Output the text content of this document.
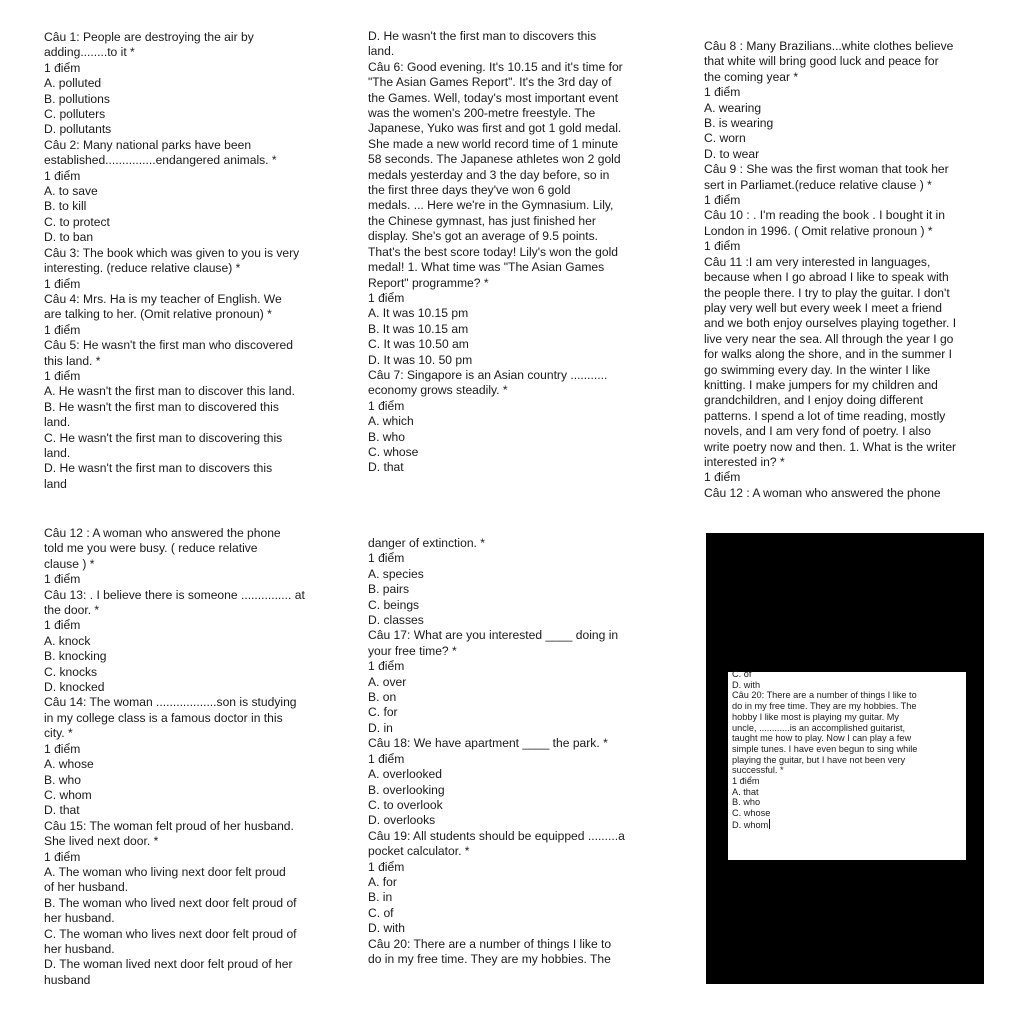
Câu 1: People are destroying the air by
adding........to it *
1 điểm
A. polluted
B. pollutions
C. polluters
D. pollutants
Câu 2: Many national parks have been
established...............endangered animals. *
1 điểm
A. to save
B. to kill
C. to protect
D. to ban
Câu 3: The book which was given to you is very
interesting. (reduce relative clause) *
1 điểm
Câu 4: Mrs. Ha is my teacher of English. We
are talking to her. (Omit relative pronoun) *
1 điểm
Câu 5: He wasn't the first man who discovered
this land. *
1 điểm
A. He wasn't the first man to discover this land.
B. He wasn't the first man to discovered this
land.
C. He wasn't the first man to discovering this
land.
D. He wasn't the first man to discovers this
land
D. He wasn't the first man to discovers this
land.
Câu 6: Good evening. It's 10.15 and it's time for
"The Asian Games Report". It's the 3rd day of
the Games. Well, today's most important event
was the women's 200-metre freestyle. The
Japanese, Yuko was first and got 1 gold medal.
She made a new world record time of 1 minute
58 seconds. The Japanese athletes won 2 gold
medals yesterday and 3 the day before, so in
the first three days they've won 6 gold
medals. ... Here we're in the Gymnasium. Lily,
the Chinese gymnast, has just finished her
display. She's got an average of 9.5 points.
That's the best score today! Lily's won the gold
medal! 1. What time was "The Asian Games
Report" programme? *
1 điểm
A. It was 10.15 pm
B. It was 10.15 am
C. It was 10.50 am
D. It was 10. 50 pm
Câu 7: Singapore is an Asian country ...........
economy grows steadily. *
1 điểm
A. which
B. who
C. whose
D. that
Câu 8 : Many Brazilians...white clothes believe
that white will bring good luck and peace for
the coming year *
1 điểm
A. wearing
B. is wearing
C. worn
D. to wear
Câu 9 : She was the first woman that took her
sert in Parliamet.(reduce relative clause ) *
1 điểm
Câu 10 : . I'm reading the book . I bought it in
London in 1996. ( Omit relative pronoun ) *
1 điểm
Câu 11 :I am very interested in languages,
because when I go abroad I like to speak with
the people there. I try to play the guitar. I don't
play very well but every week I meet a friend
and we both enjoy ourselves playing together. I
live very near the sea. All through the year I go
for walks along the shore, and in the summer I
go swimming every day. In the winter I like
knitting. I make jumpers for my children and
grandchildren, and I enjoy doing different
patterns. I spend a lot of time reading, mostly
novels, and I am very fond of poetry. I also
write poetry now and then. 1. What is the writer
interested in? *
1 điểm
Câu 12 : A woman who answered the phone
Câu 12 : A woman who answered the phone
told me you were busy. ( reduce relative
clause ) *
1 điểm
Câu 13: . I believe there is someone ............... at
the door. *
1 điểm
A. knock
B. knocking
C. knocks
D. knocked
Câu 14: The woman ..................son is studying
in my college class is a famous doctor in this
city. *
1 điểm
A. whose
B. who
C. whom
D. that
Câu 15: The woman felt proud of her husband.
She lived next door. *
1 điểm
A. The woman who living next door felt proud
of her husband.
B. The woman who lived next door felt proud of
her husband.
C. The woman who lives next door felt proud of
her husband.
D. The woman lived next door felt proud of her
husband
danger of extinction. *
1 điểm
A. species
B. pairs
C. beings
D. classes
Câu 17: What are you interested ____ doing in
your free time? *
1 điểm
A. over
B. on
C. for
D. in
Câu 18: We have apartment ____ the park. *
1 điểm
A. overlooked
B. overlooking
C. to overlook
D. overlooks
Câu 19: All students should be equipped .........a
pocket calculator. *
1 điểm
A. for
B. in
C. of
D. with
Câu 20: There are a number of things I like to
do in my free time. They are my hobbies. The
C. of
D. with
Câu 20: There are a number of things I like to
do in my free time. They are my hobbies. The
hobby I like most is playing my guitar. My
uncle, ............is an accomplished guitarist,
taught me how to play. Now I can play a few
simple tunes. I have even begun to sing while
playing the guitar, but I have not been very
successful. *
1 điểm
A. that
B. who
C. whose
D. whom
